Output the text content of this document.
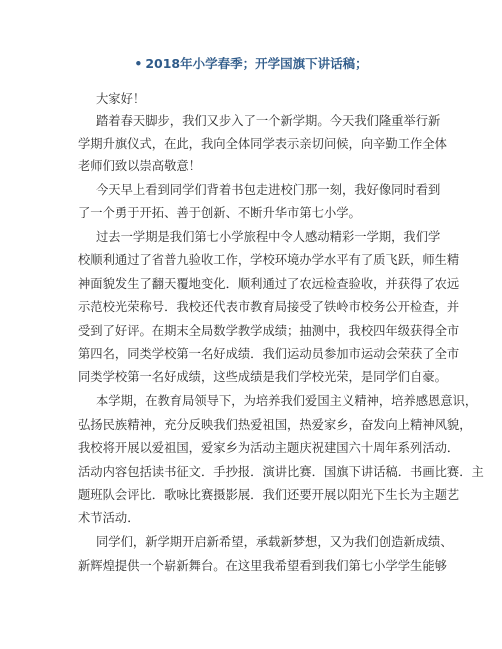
• 2018年小学春季；开学国旗下讲话稿；
大家好！
踏着春天脚步，我们又步入了一个新学期。今天我们隆重举行新
学期升旗仪式，在此，我向全体同学表示亲切问候，向辛勤工作全体
老师们致以崇高敬意！
今天早上看到同学们背着书包走进校门那一刻，我好像同时看到
了一个勇于开拓、善于创新、不断升华市第七小学。
过去一学期是我们第七小学旅程中令人感动精彩一学期，我们学
校顺利通过了省普九验收工作，学校环境办学水平有了质飞跃，师生精
神面貌发生了翻天覆地变化．顺利通过了农远检查验收，并获得了农远
示范校光荣称号．我校还代表市教育局接受了铁岭市校务公开检查，并
受到了好评。在期末全局数学教学成绩；抽测中，我校四年级获得全市
第四名，同类学校第一名好成绩．我们运动员参加市运动会荣获了全市
同类学校第一名好成绩，这些成绩是我们学校光荣，是同学们自豪。
本学期，在教育局领导下，为培养我们爱国主义精神，培养感恩意识，
弘扬民族精神，充分反映我们热爱祖国，热爱家乡，奋发向上精神风貌，
我校将开展以爱祖国，爱家乡为活动主题庆祝建国六十周年系列活动．
活动内容包括读书征文．手抄报．演讲比赛．国旗下讲话稿．书画比赛．主
题班队会评比．歌咏比赛摄影展．我们还要开展以阳光下生长为主题艺
术节活动．
同学们，新学期开启新希望，承载新梦想，又为我们创造新成绩、
新辉煌提供一个崭新舞台。在这里我希望看到我们第七小学学生能够
